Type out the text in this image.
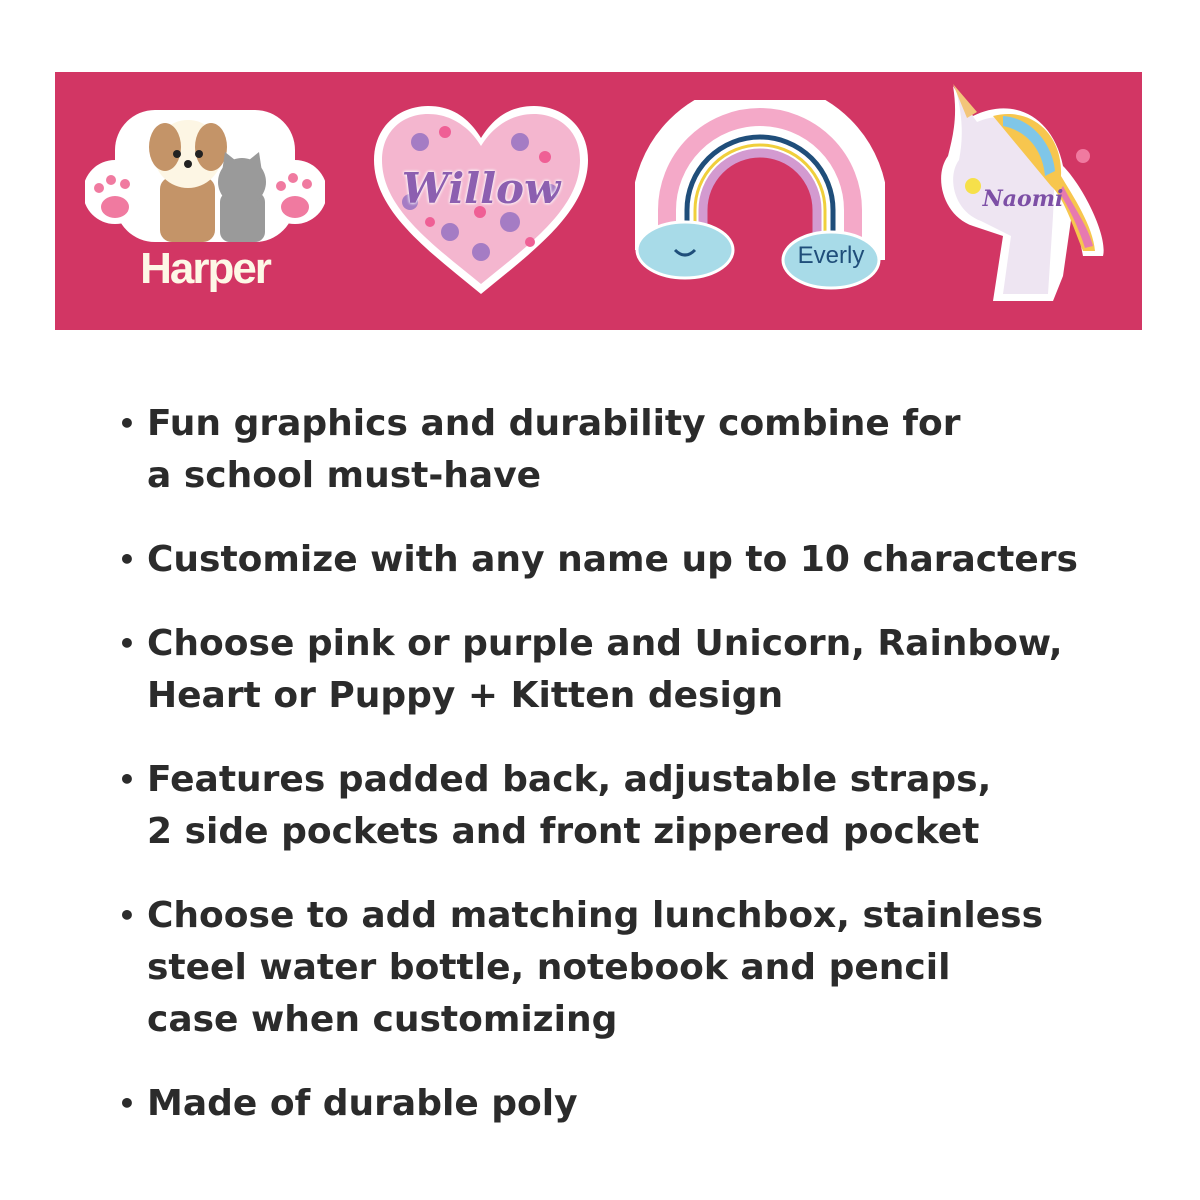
Harper
Willow
Everly
Naomi
• Fun graphics and durability combine for
a school must-have
• Customize with any name up to 10 characters
• Choose pink or purple and Unicorn, Rainbow,
Heart or Puppy + Kitten design
• Features padded back, adjustable straps,
2 side pockets and front zippered pocket
• Choose to add matching lunchbox, stainless
steel water bottle, notebook and pencil
case when customizing
• Made of durable poly
